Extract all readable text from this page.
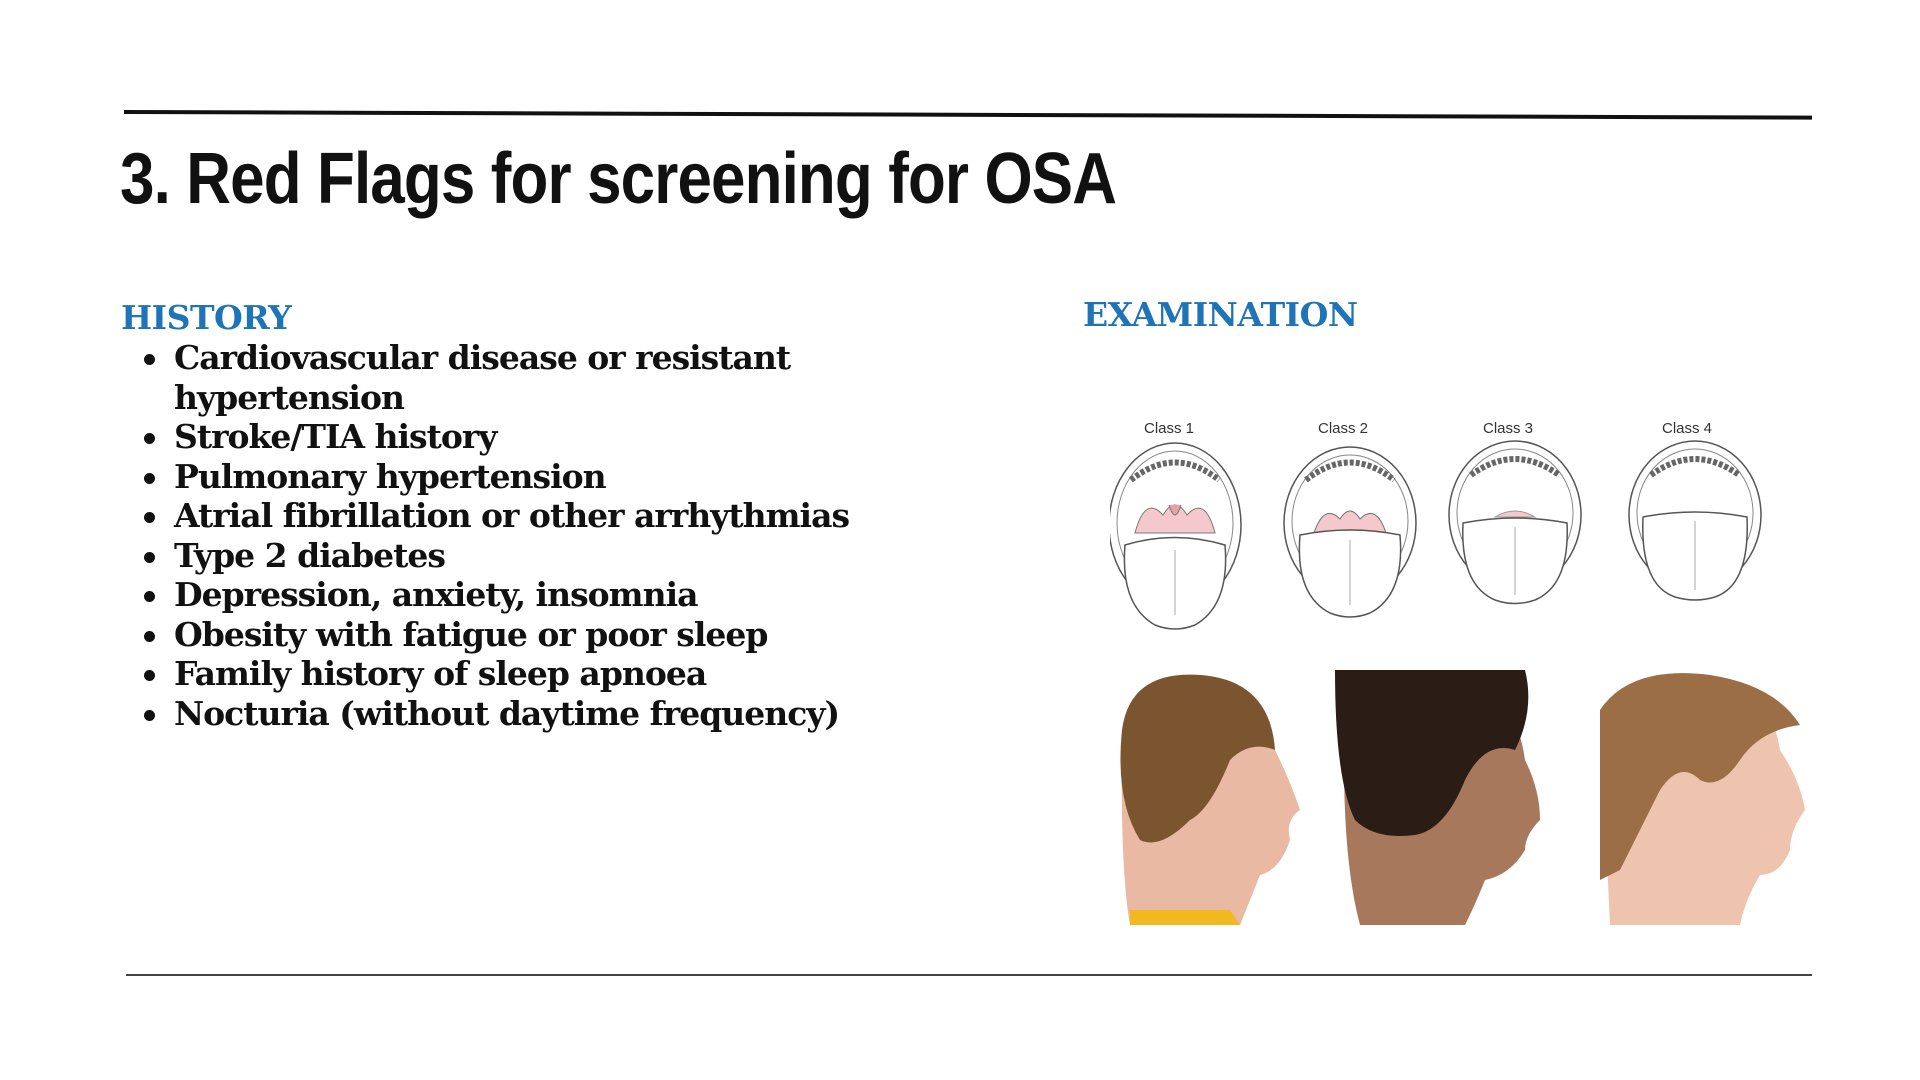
3. Red Flags for screening for OSA
HISTORY
Cardiovascular disease or resistant hypertension
Stroke/TIA history
Pulmonary hypertension
Atrial fibrillation or other arrhythmias
Type 2 diabetes
Depression, anxiety, insomnia
Obesity with fatigue or poor sleep
Family history of sleep apnoea
Nocturia (without daytime frequency)
EXAMINATION
Class 1	Class 2	Class 3	Class 4
